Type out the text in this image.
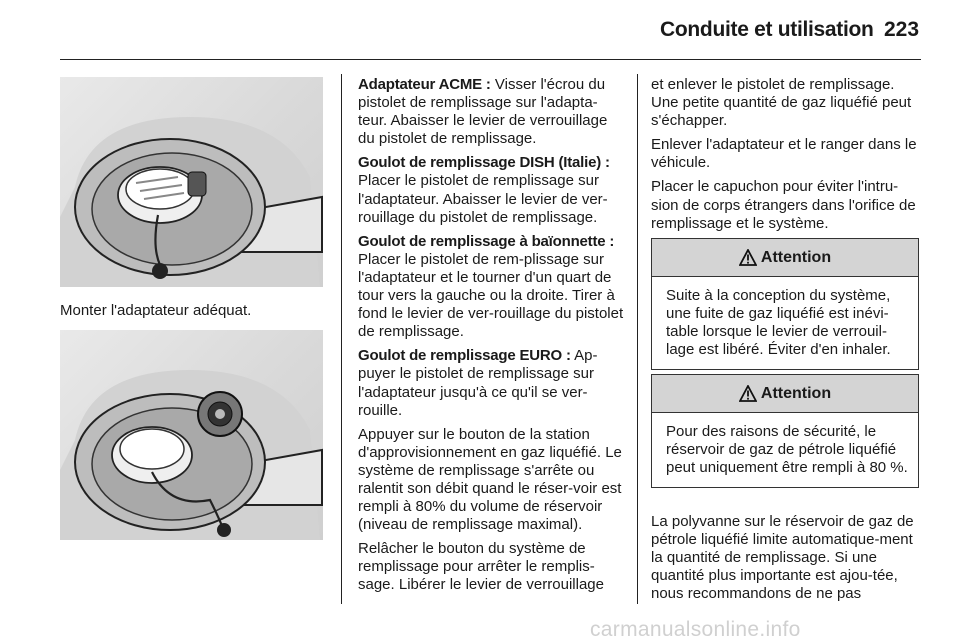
Conduite et utilisation 223
Monter l'adaptateur adéquat.

Adaptateur ACME : Visser l'écrou du pistolet de remplissage sur l'adapta-teur. Abaisser le levier de verrouillage du pistolet de remplissage.

Goulot de remplissage DISH (Italie) : Placer le pistolet de remplissage sur l'adaptateur. Abaisser le levier de ver-rouillage du pistolet de remplissage.

Goulot de remplissage à baïonnette : Placer le pistolet de rem-plissage sur l'adaptateur et le tourner d'un quart de tour vers la gauche ou la droite. Tirer à fond le levier de ver-rouillage du pistolet de remplissage.

Goulot de remplissage EURO : Ap-puyer le pistolet de remplissage sur l'adaptateur jusqu'à ce qu'il se ver-rouille.

Appuyer sur le bouton de la station d'approvisionnement en gaz liquéfié. Le système de remplissage s'arrête ou ralentit son débit quand le réser-voir est rempli à 80% du volume de réservoir (niveau de remplissage maximal).

Relâcher le bouton du système de remplissage pour arrêter le remplis-sage. Libérer le levier de verrouillage

et enlever le pistolet de remplissage. Une petite quantité de gaz liquéfié peut s'échapper.

Enlever l'adaptateur et le ranger dans le véhicule.

Placer le capuchon pour éviter l'intru-sion de corps étrangers dans l'orifice de remplissage et le système.

Attention
Suite à la conception du système, une fuite de gaz liquéfié est inévi-table lorsque le levier de verrouil-lage est libéré. Éviter d'en inhaler.
Attention
Pour des raisons de sécurité, le réservoir de gaz de pétrole liquéfié peut uniquement être rempli à 80 %.

La polyvanne sur le réservoir de gaz de pétrole liquéfié limite automatique-ment la quantité de remplissage. Si une quantité plus importante est ajou-tée, nous recommandons de ne pas

carmanualsonline.info
